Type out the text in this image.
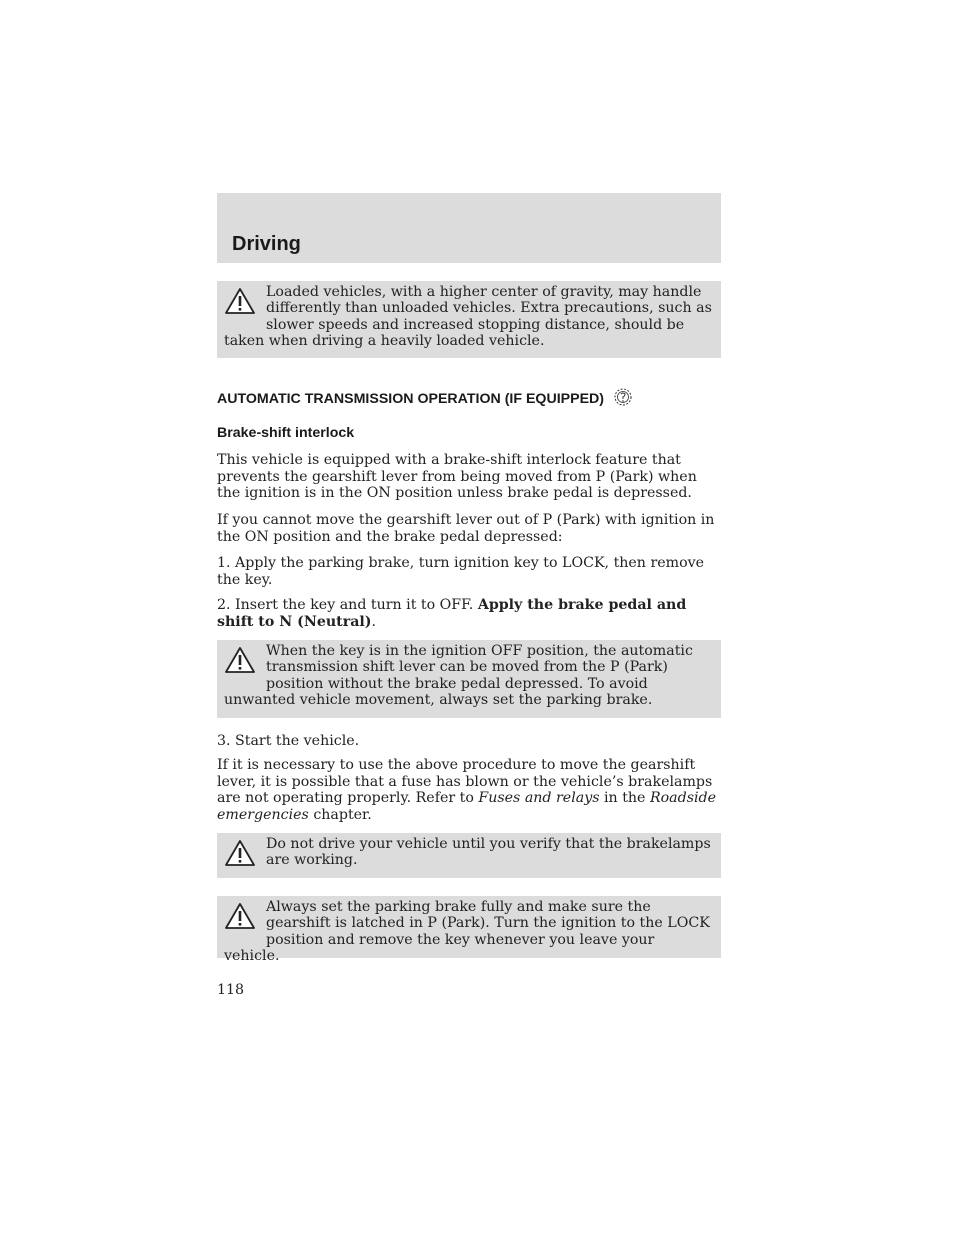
Driving
Loaded vehicles, with a higher center of gravity, may handle differently than unloaded vehicles. Extra precautions, such as slower speeds and increased stopping distance, should be taken when driving a heavily loaded vehicle.
AUTOMATIC TRANSMISSION OPERATION (IF EQUIPPED)
Brake-shift interlock

This vehicle is equipped with a brake-shift interlock feature that prevents the gearshift lever from being moved from P (Park) when the ignition is in the ON position unless brake pedal is depressed.

If you cannot move the gearshift lever out of P (Park) with ignition in the ON position and the brake pedal depressed:

1. Apply the parking brake, turn ignition key to LOCK, then remove the key.

2. Insert the key and turn it to OFF. Apply the brake pedal and shift to N (Neutral).

When the key is in the ignition OFF position, the automatic transmission shift lever can be moved from the P (Park) position without the brake pedal depressed. To avoid unwanted vehicle movement, always set the parking brake.

3. Start the vehicle.

If it is necessary to use the above procedure to move the gearshift lever, it is possible that a fuse has blown or the vehicle’s brakelamps are not operating properly. Refer to Fuses and relays in the Roadside emergencies chapter.

Do not drive your vehicle until you verify that the brakelamps are working.
Always set the parking brake fully and make sure the gearshift is latched in P (Park). Turn the ignition to the LOCK position and remove the key whenever you leave your vehicle.
118
